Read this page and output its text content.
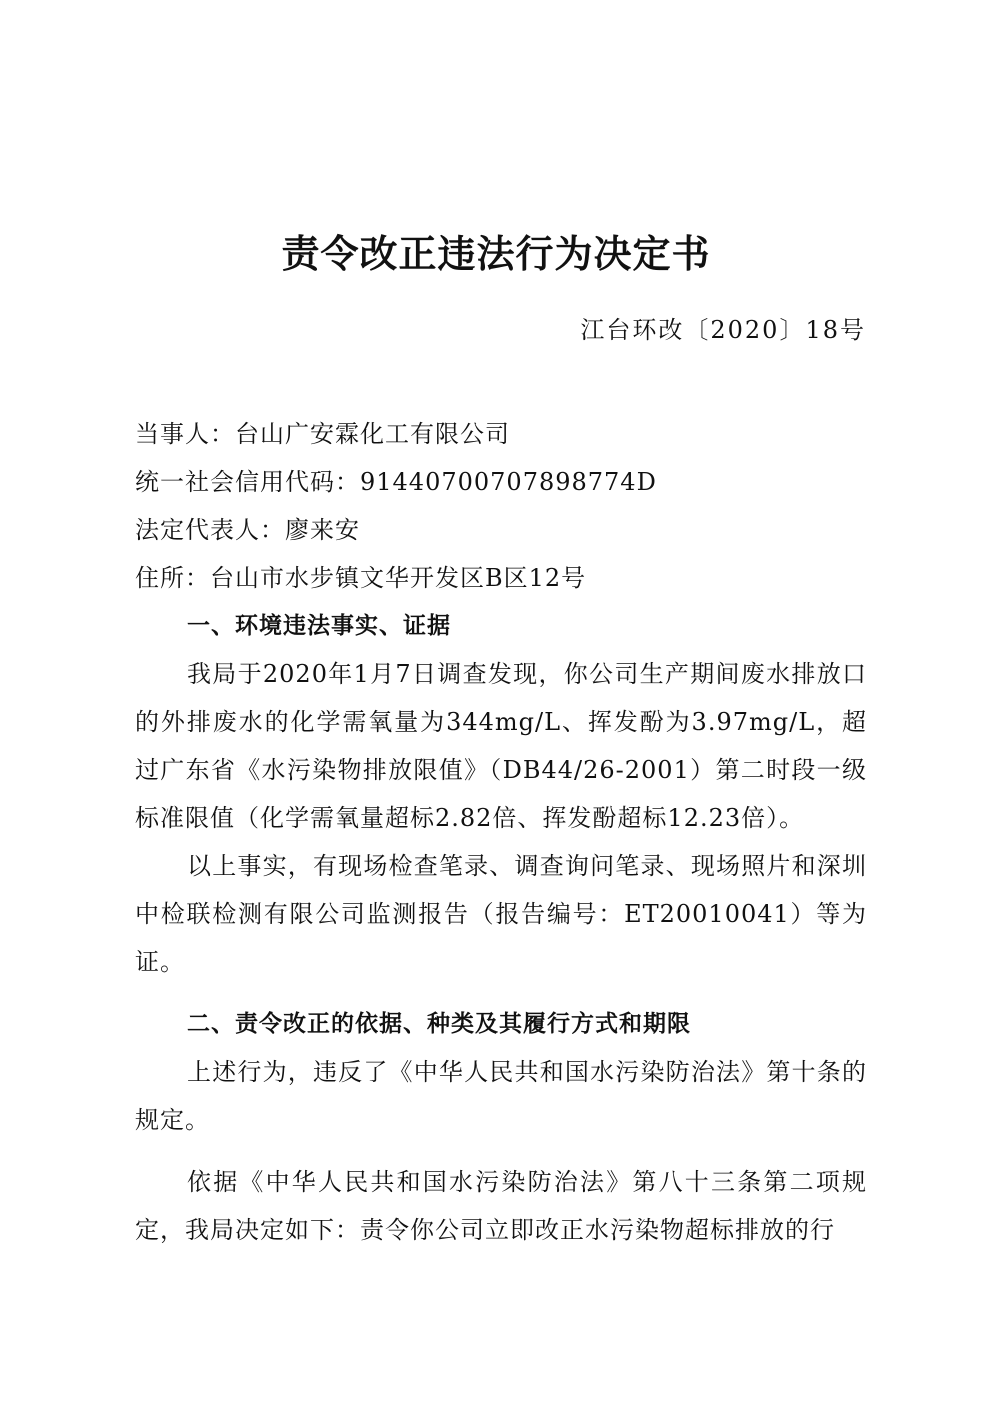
责令改正违法行为决定书
江台环改〔2020〕18号

当事人：台山广安霖化工有限公司

统一社会信用代码：91440700707898774D

法定代表人：廖来安

住所：台山市水步镇文华开发区B区12号

一、环境违法事实、证据

我局于2020年1月7日调查发现，你公司生产期间废水排放口的外排废水的化学需氧量为344mg/L、挥发酚为3.97mg/L，超过广东省《水污染物排放限值》（DB44/26-2001）第二时段一级标准限值（化学需氧量超标2.82倍、挥发酚超标12.23倍）。

以上事实，有现场检查笔录、调查询问笔录、现场照片和深圳中检联检测有限公司监测报告（报告编号：ET20010041）等为证。

二、责令改正的依据、种类及其履行方式和期限

上述行为，违反了《中华人民共和国水污染防治法》第十条的规定。

依据《中华人民共和国水污染防治法》第八十三条第二项规定，我局决定如下：责令你公司立即改正水污染物超标排放的行
